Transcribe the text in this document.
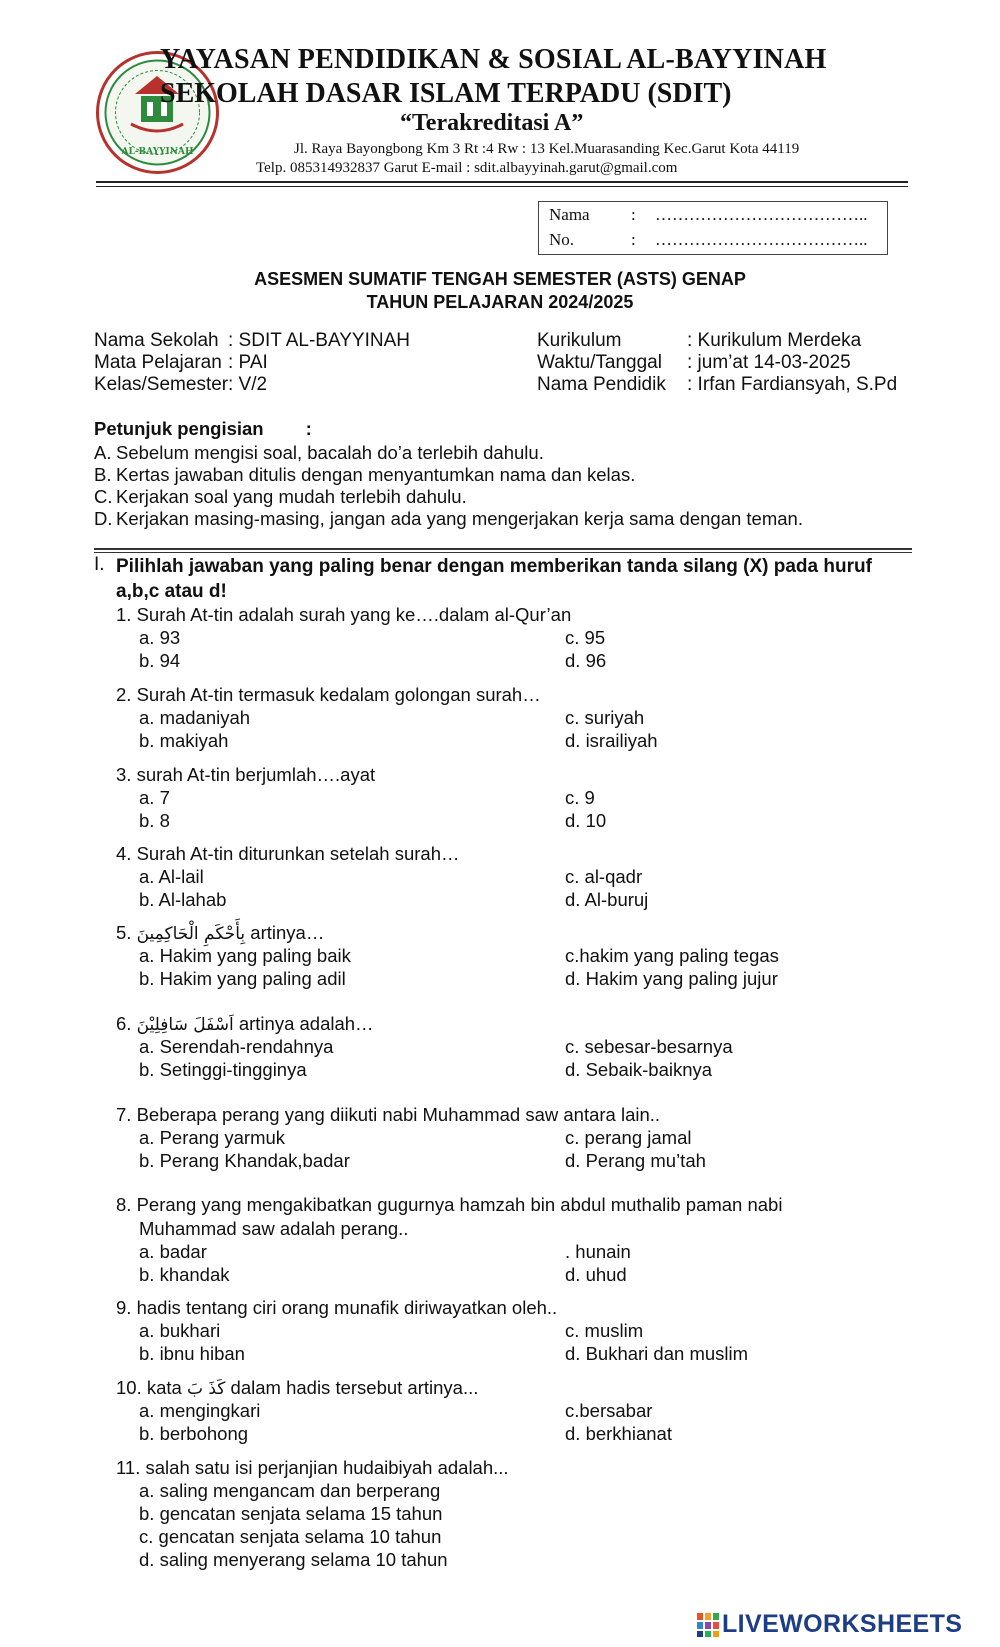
AL-BAYYINAH
YAYASAN PENDIDIKAN & SOSIAL AL-BAYYINAH
SEKOLAH DASAR ISLAM TERPADU (SDIT)
“Terakreditasi A”
Jl. Raya Bayongbong Km 3 Rt :4 Rw : 13 Kel.Muarasanding Kec.Garut Kota 44119
Telp. 085314932837 Garut E-mail : sdit.albayyinah.garut@gmail.com
Nama : ………………………………..
No.	: ………………………………..
ASESMEN SUMATIF TENGAH SEMESTER (ASTS) GENAP
TAHUN PELAJARAN 2024/2025
Nama Sekolah : SDIT AL-BAYYINAH
Mata Pelajaran : PAI
Kelas/Semester: V/2
Kurikulum	: Kurikulum Merdeka
Waktu/Tanggal : jum’at 14-03-2025
Nama Pendidik : Irfan Fardiansyah, S.Pd
Petunjuk pengisian :
A. Sebelum mengisi soal, bacalah do’a terlebih dahulu.
B. Kertas jawaban ditulis dengan menyantumkan nama dan kelas.
C. Kerjakan soal yang mudah terlebih dahulu.
D. Kerjakan masing-masing, jangan ada yang mengerjakan kerja sama dengan teman.
I. Pilihlah jawaban yang paling benar dengan memberikan tanda silang (X) pada huruf a,b,c atau d!
1. Surah At-tin adalah surah yang ke….dalam al-Qur’an
a. 93	c. 95
b. 94	d. 96
2. Surah At-tin termasuk kedalam golongan surah…
a. madaniyah	c. suriyah
b. makiyah	d. israiliyah
3. surah At-tin berjumlah….ayat
a. 7	c. 9
b. 8	d. 10
4. Surah At-tin diturunkan setelah surah…
a. Al-lail	c. al-qadr
b. Al-lahab	d. Al-buruj
5. بِأَحْكَمِ الْحَاكِمِينَ artinya…
a. Hakim yang paling baik	c.hakim yang paling tegas
b. Hakim yang paling adil	d. Hakim yang paling jujur
6. اَسْفَلَ سَافِلِيْنَ artinya adalah…
a. Serendah-rendahnya	c. sebesar-besarnya
b. Setinggi-tingginya	d. Sebaik-baiknya
7. Beberapa perang yang diikuti nabi Muhammad saw antara lain..
a. Perang yarmuk	c. perang jamal
b. Perang Khandak,badar	d. Perang mu’tah
8. Perang yang mengakibatkan gugurnya hamzah bin abdul muthalib paman nabi
Muhammad saw adalah perang..
a. badar	. hunain
b. khandak	d. uhud
9. hadis tentang ciri orang munafik diriwayatkan oleh..
a. bukhari	c. muslim
b. ibnu hiban	d. Bukhari dan muslim
10. kata كَذَ بَ dalam hadis tersebut artinya...
a. mengingkari	c.bersabar
b. berbohong	d. berkhianat
11. salah satu isi perjanjian hudaibiyah adalah...
a. saling mengancam dan berperang
b. gencatan senjata selama 15 tahun
c. gencatan senjata selama 10 tahun
d. saling menyerang selama 10 tahun
LIVEWORKSHEETS
